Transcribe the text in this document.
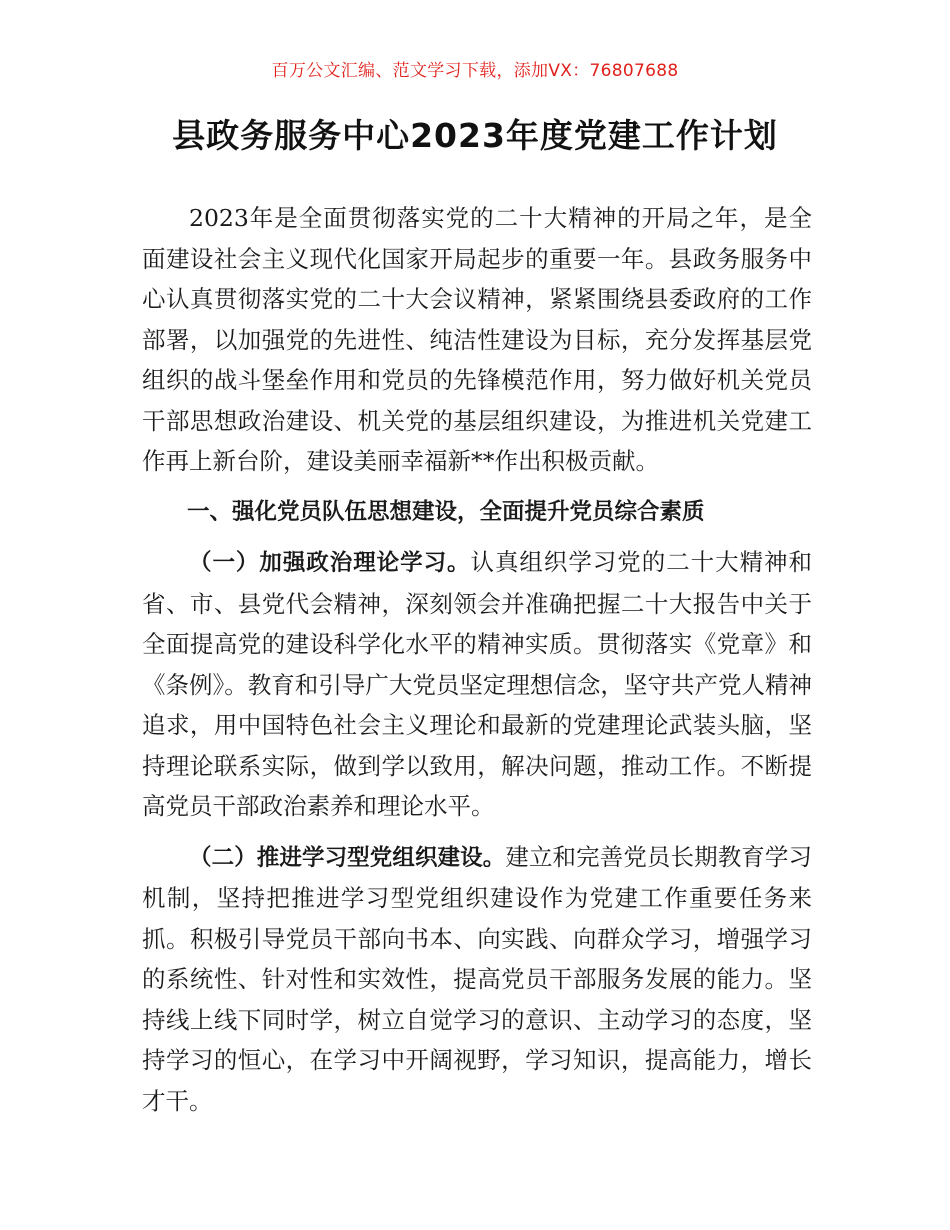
百万公文汇编、范文学习下载，添加VX：76807688
县政务服务中心2023年度党建工作计划

2023年是全面贯彻落实党的二十大精神的开局之年，是全面建设社会主义现代化国家开局起步的重要一年。县政务服务中心认真贯彻落实党的二十大会议精神，紧紧围绕县委政府的工作部署，以加强党的先进性、纯洁性建设为目标，充分发挥基层党组织的战斗堡垒作用和党员的先锋模范作用，努力做好机关党员干部思想政治建设、机关党的基层组织建设，为推进机关党建工作再上新台阶，建设美丽幸福新**作出积极贡献。

一、强化党员队伍思想建设，全面提升党员综合素质

（一）加强政治理论学习。认真组织学习党的二十大精神和省、市、县党代会精神，深刻领会并准确把握二十大报告中关于全面提高党的建设科学化水平的精神实质。贯彻落实《党章》和《条例》。教育和引导广大党员坚定理想信念，坚守共产党人精神追求，用中国特色社会主义理论和最新的党建理论武装头脑，坚持理论联系实际，做到学以致用，解决问题，推动工作。不断提高党员干部政治素养和理论水平。

（二）推进学习型党组织建设。建立和完善党员长期教育学习机制，坚持把推进学习型党组织建设作为党建工作重要任务来抓。积极引导党员干部向书本、向实践、向群众学习，增强学习的系统性、针对性和实效性，提高党员干部服务发展的能力。坚持线上线下同时学，树立自觉学习的意识、主动学习的态度，坚持学习的恒心，在学习中开阔视野，学习知识，提高能力，增长才干。
